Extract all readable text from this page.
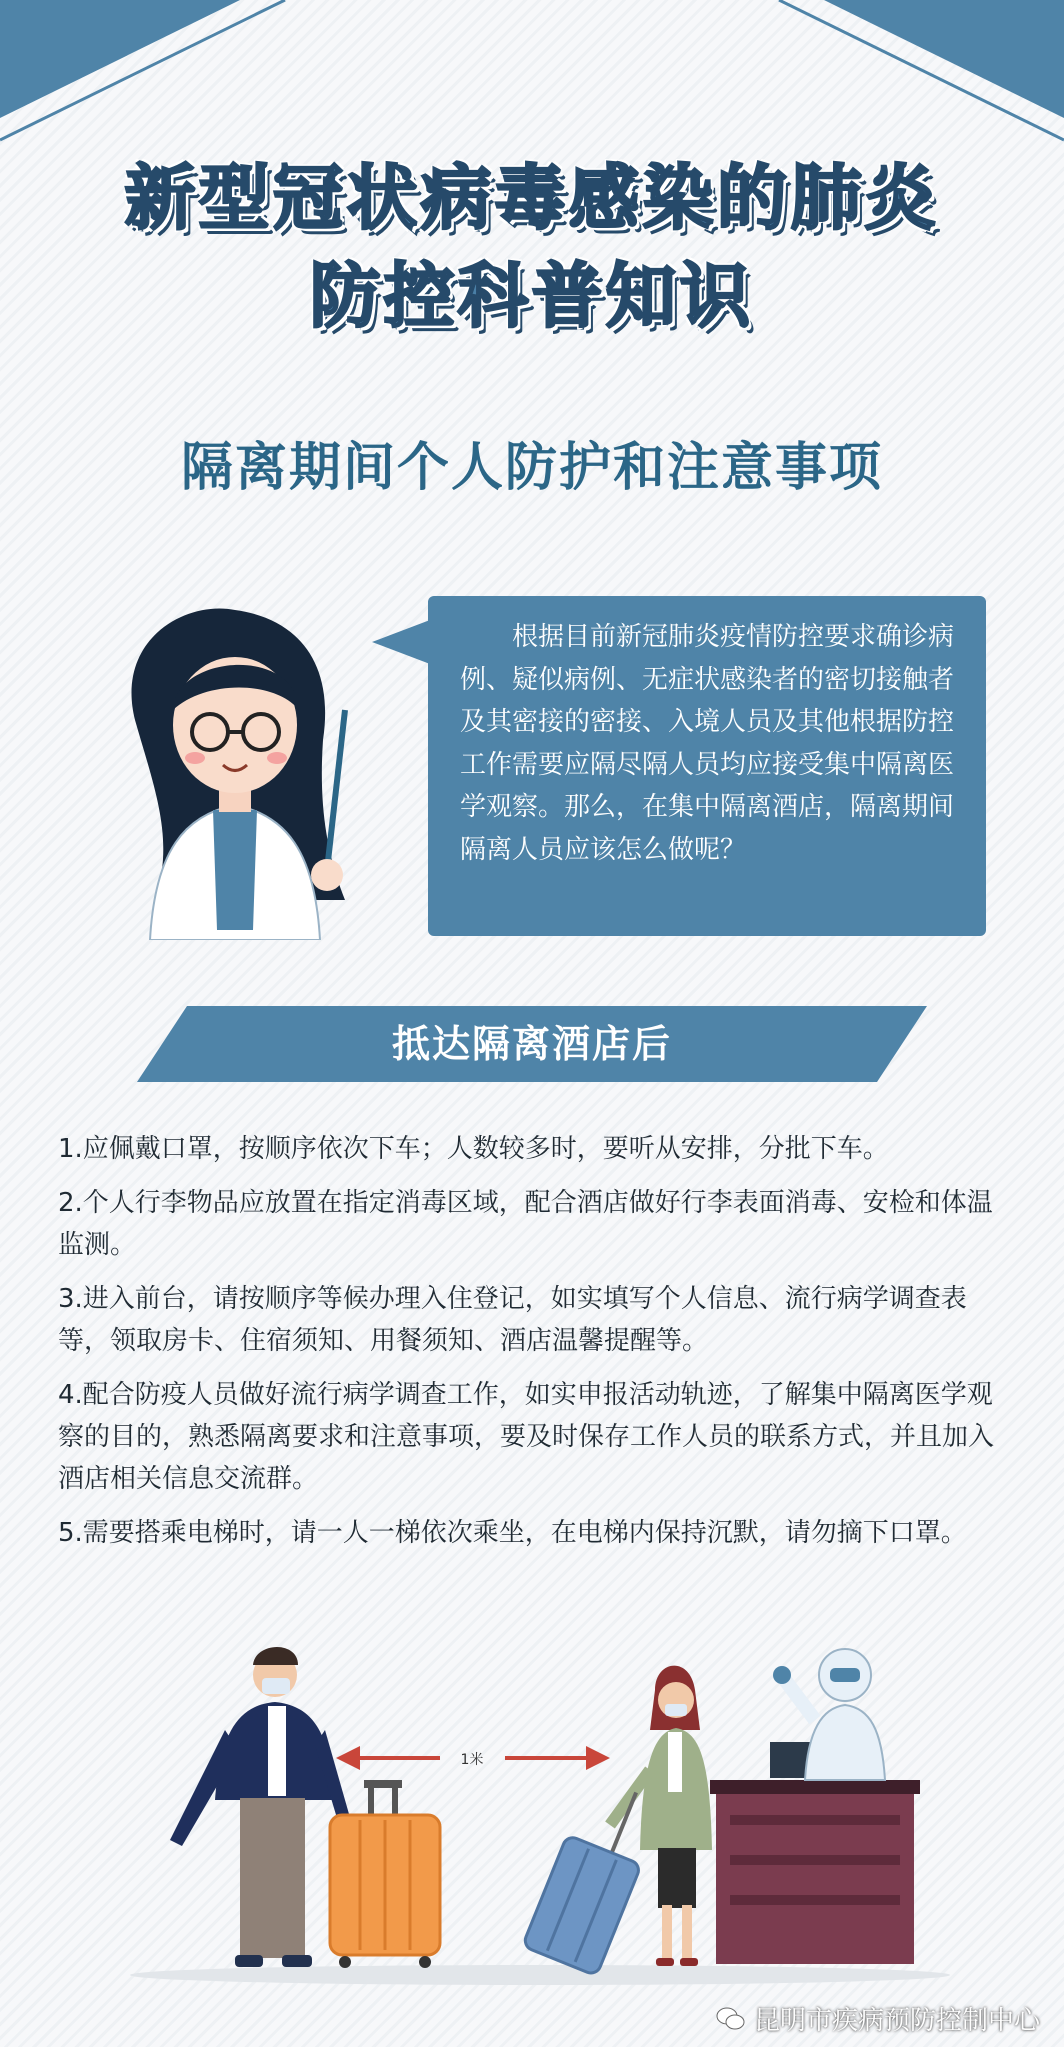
新型冠状病毒感染的肺炎
防控科普知识
隔离期间个人防护和注意事项

根据目前新冠肺炎疫情防控要求确诊病例、疑似病例、无症状感染者的密切接触者及其密接的密接、入境人员及其他根据防控工作需要应隔尽隔人员均应接受集中隔离医学观察。那么，在集中隔离酒店，隔离期间隔离人员应该怎么做呢？

抵达隔离酒店后
1.应佩戴口罩，按顺序依次下车；人数较多时，要听从安排，分批下车。
2.个人行李物品应放置在指定消毒区域，配合酒店做好行李表面消毒、安检和体温监测。
3.进入前台，请按顺序等候办理入住登记，如实填写个人信息、流行病学调查表等，领取房卡、住宿须知、用餐须知、酒店温馨提醒等。
4.配合防疫人员做好流行病学调查工作，如实申报活动轨迹，了解集中隔离医学观察的目的，熟悉隔离要求和注意事项，要及时保存工作人员的联系方式，并且加入酒店相关信息交流群。
5.需要搭乘电梯时，请一人一梯依次乘坐，在电梯内保持沉默，请勿摘下口罩。
1米
昆明市疾病预防控制中心
